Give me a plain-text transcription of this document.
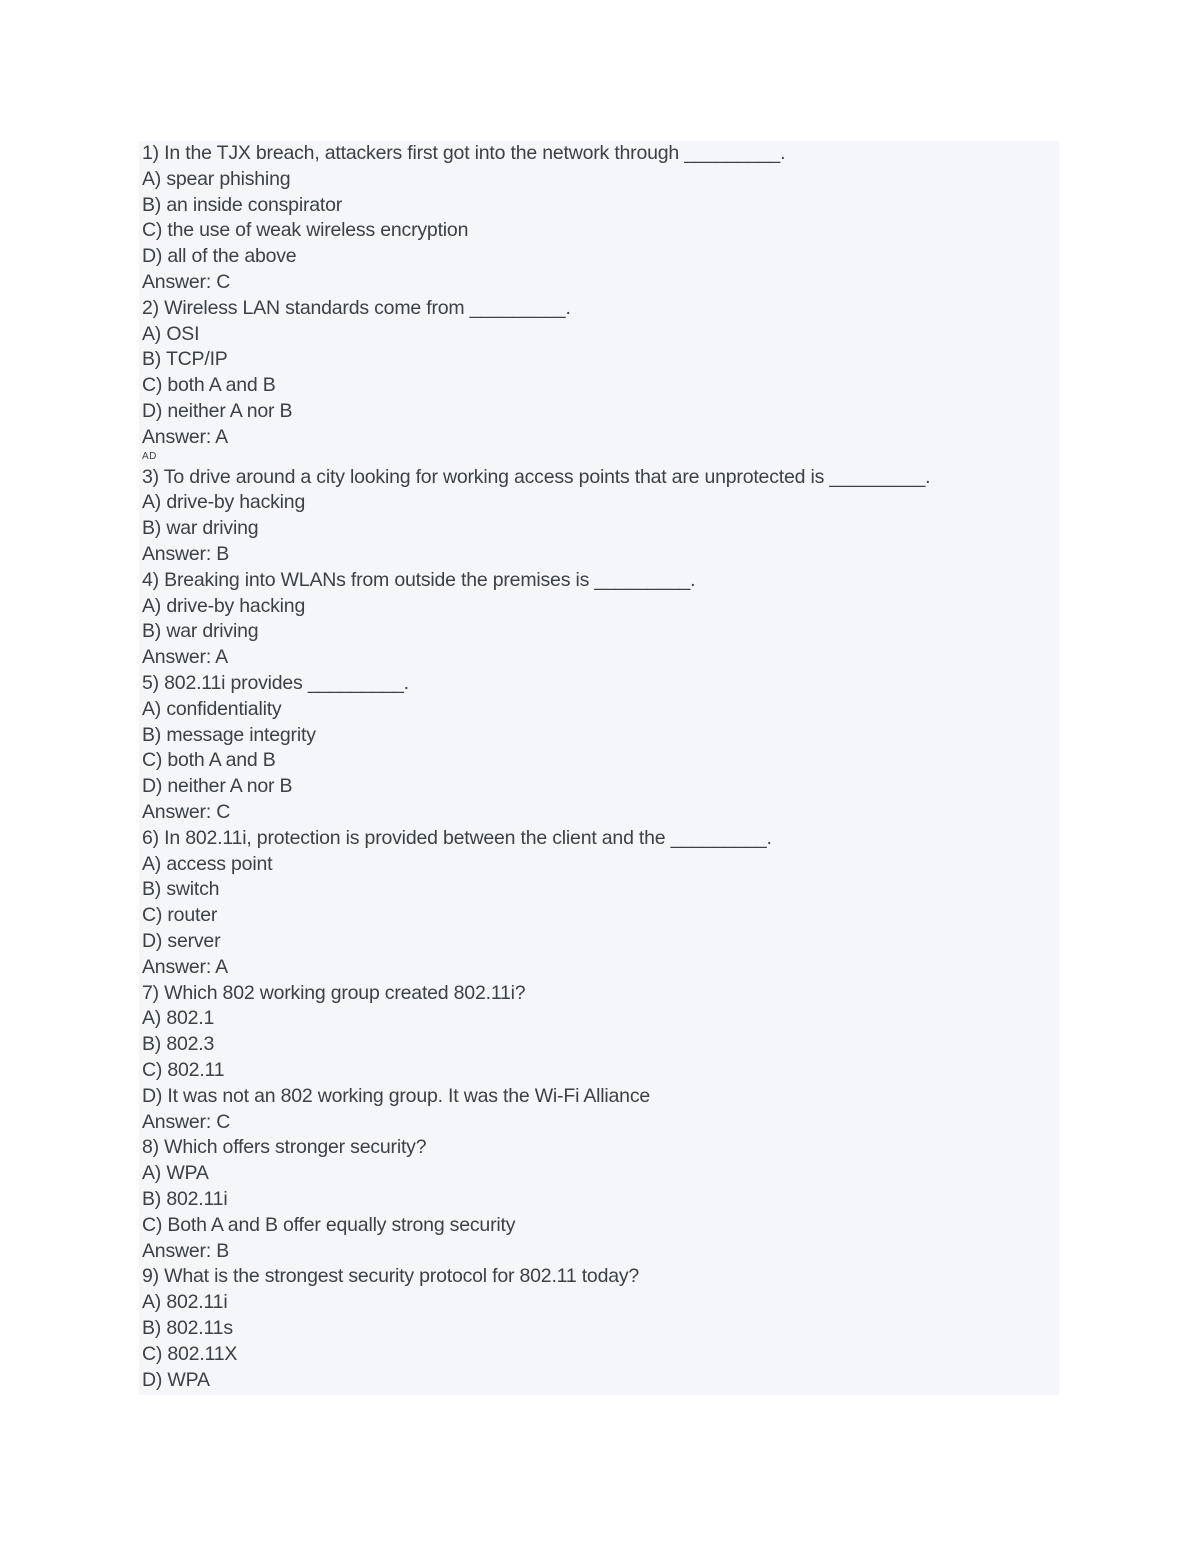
1) In the TJX breach, attackers first got into the network through _________.
A) spear phishing
B) an inside conspirator
C) the use of weak wireless encryption
D) all of the above
Answer: C
2) Wireless LAN standards come from _________.
A) OSI
B) TCP/IP
C) both A and B
D) neither A nor B
Answer: A
AD
3) To drive around a city looking for working access points that are unprotected is _________.
A) drive-by hacking
B) war driving
Answer: B
4) Breaking into WLANs from outside the premises is _________.
A) drive-by hacking
B) war driving
Answer: A
5) 802.11i provides _________.
A) confidentiality
B) message integrity
C) both A and B
D) neither A nor B
Answer: C
6) In 802.11i, protection is provided between the client and the _________.
A) access point
B) switch
C) router
D) server
Answer: A
7) Which 802 working group created 802.11i?
A) 802.1
B) 802.3
C) 802.11
D) It was not an 802 working group. It was the Wi-Fi Alliance
Answer: C
8) Which offers stronger security?
A) WPA
B) 802.11i
C) Both A and B offer equally strong security
Answer: B
9) What is the strongest security protocol for 802.11 today?
A) 802.11i
B) 802.11s
C) 802.11X
D) WPA
